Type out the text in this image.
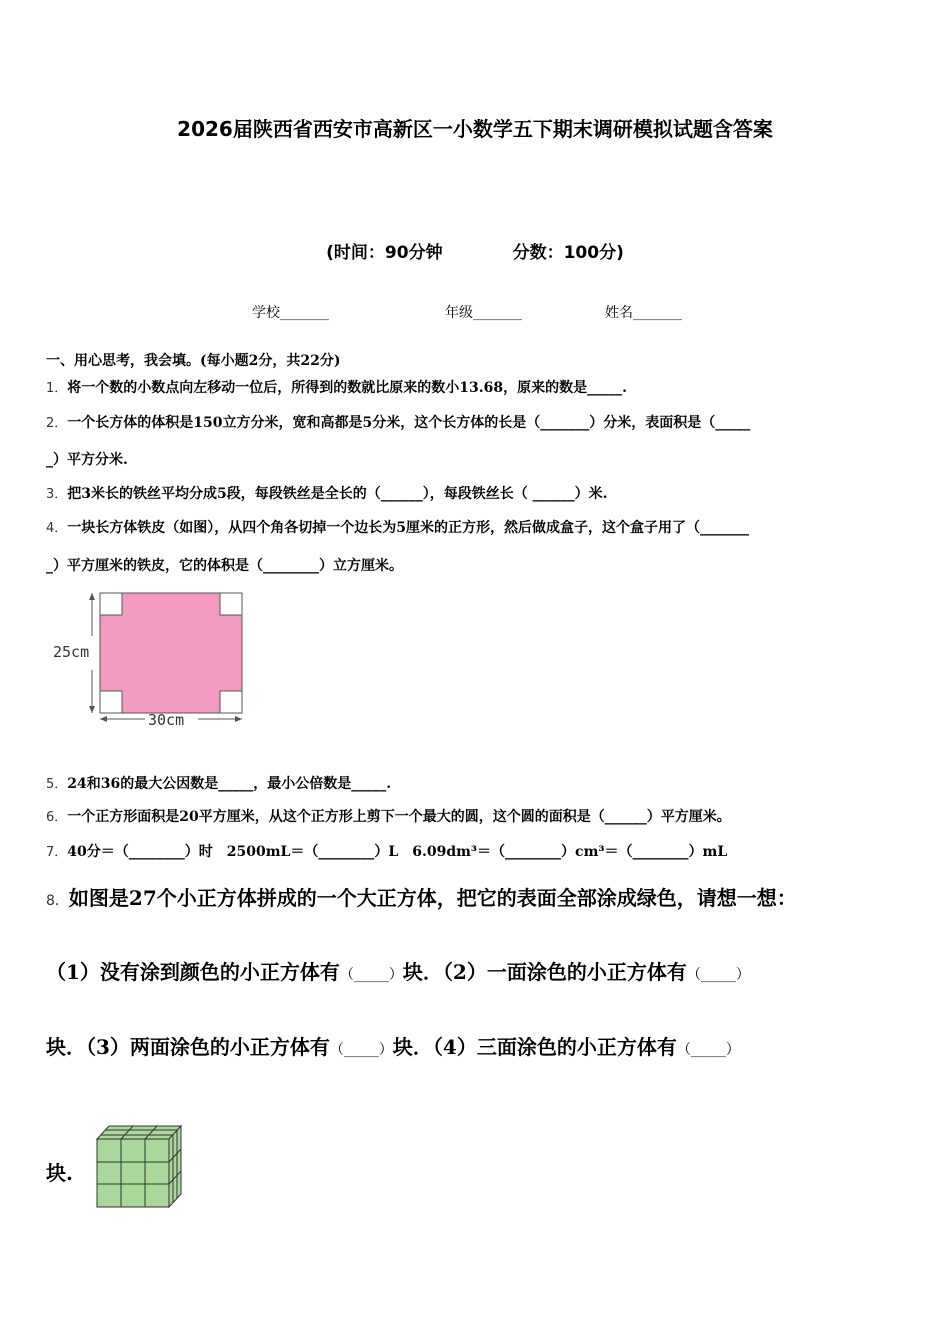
2026届陕西省西安市高新区一小数学五下期末调研模拟试题含答案
(时间：90分钟	分数：100分)
学校_______	年级_______	姓名_______
一、用心思考，我会填。(每小题2分，共22分)
1．将一个数的小数点向左移动一位后，所得到的数就比原来的数小13.68，原来的数是_____.
2．一个长方体的体积是150立方分米，宽和高都是5分米，这个长方体的长是（_______）分米，表面积是（_____
_）平方分米.
3．把3米长的铁丝平均分成5段，每段铁丝是全长的（______），每段铁丝长（ ______）米.
4．一块长方体铁皮（如图），从四个角各切掉一个边长为5厘米的正方形，然后做成盒子，这个盒子用了（_______
_）平方厘米的铁皮，它的体积是（________）立方厘米。
25cm
30cm
5．24和36的最大公因数是_____，最小公倍数是_____.
6．一个正方形面积是20平方厘米，从这个正方形上剪下一个最大的圆，这个圆的面积是（______）平方厘米。
7．40分＝（________）时　2500mL＝（________）L　6.09dm³＝（________）cm³＝（________）mL
8．如图是27个小正方体拼成的一个大正方体，把它的表面全部涂成绿色，请想一想：
（1）没有涂到颜色的小正方体有（_____）块．（2）一面涂色的小正方体有（_____）
块．（3）两面涂色的小正方体有（_____）块．（4）三面涂色的小正方体有（_____）
块.
